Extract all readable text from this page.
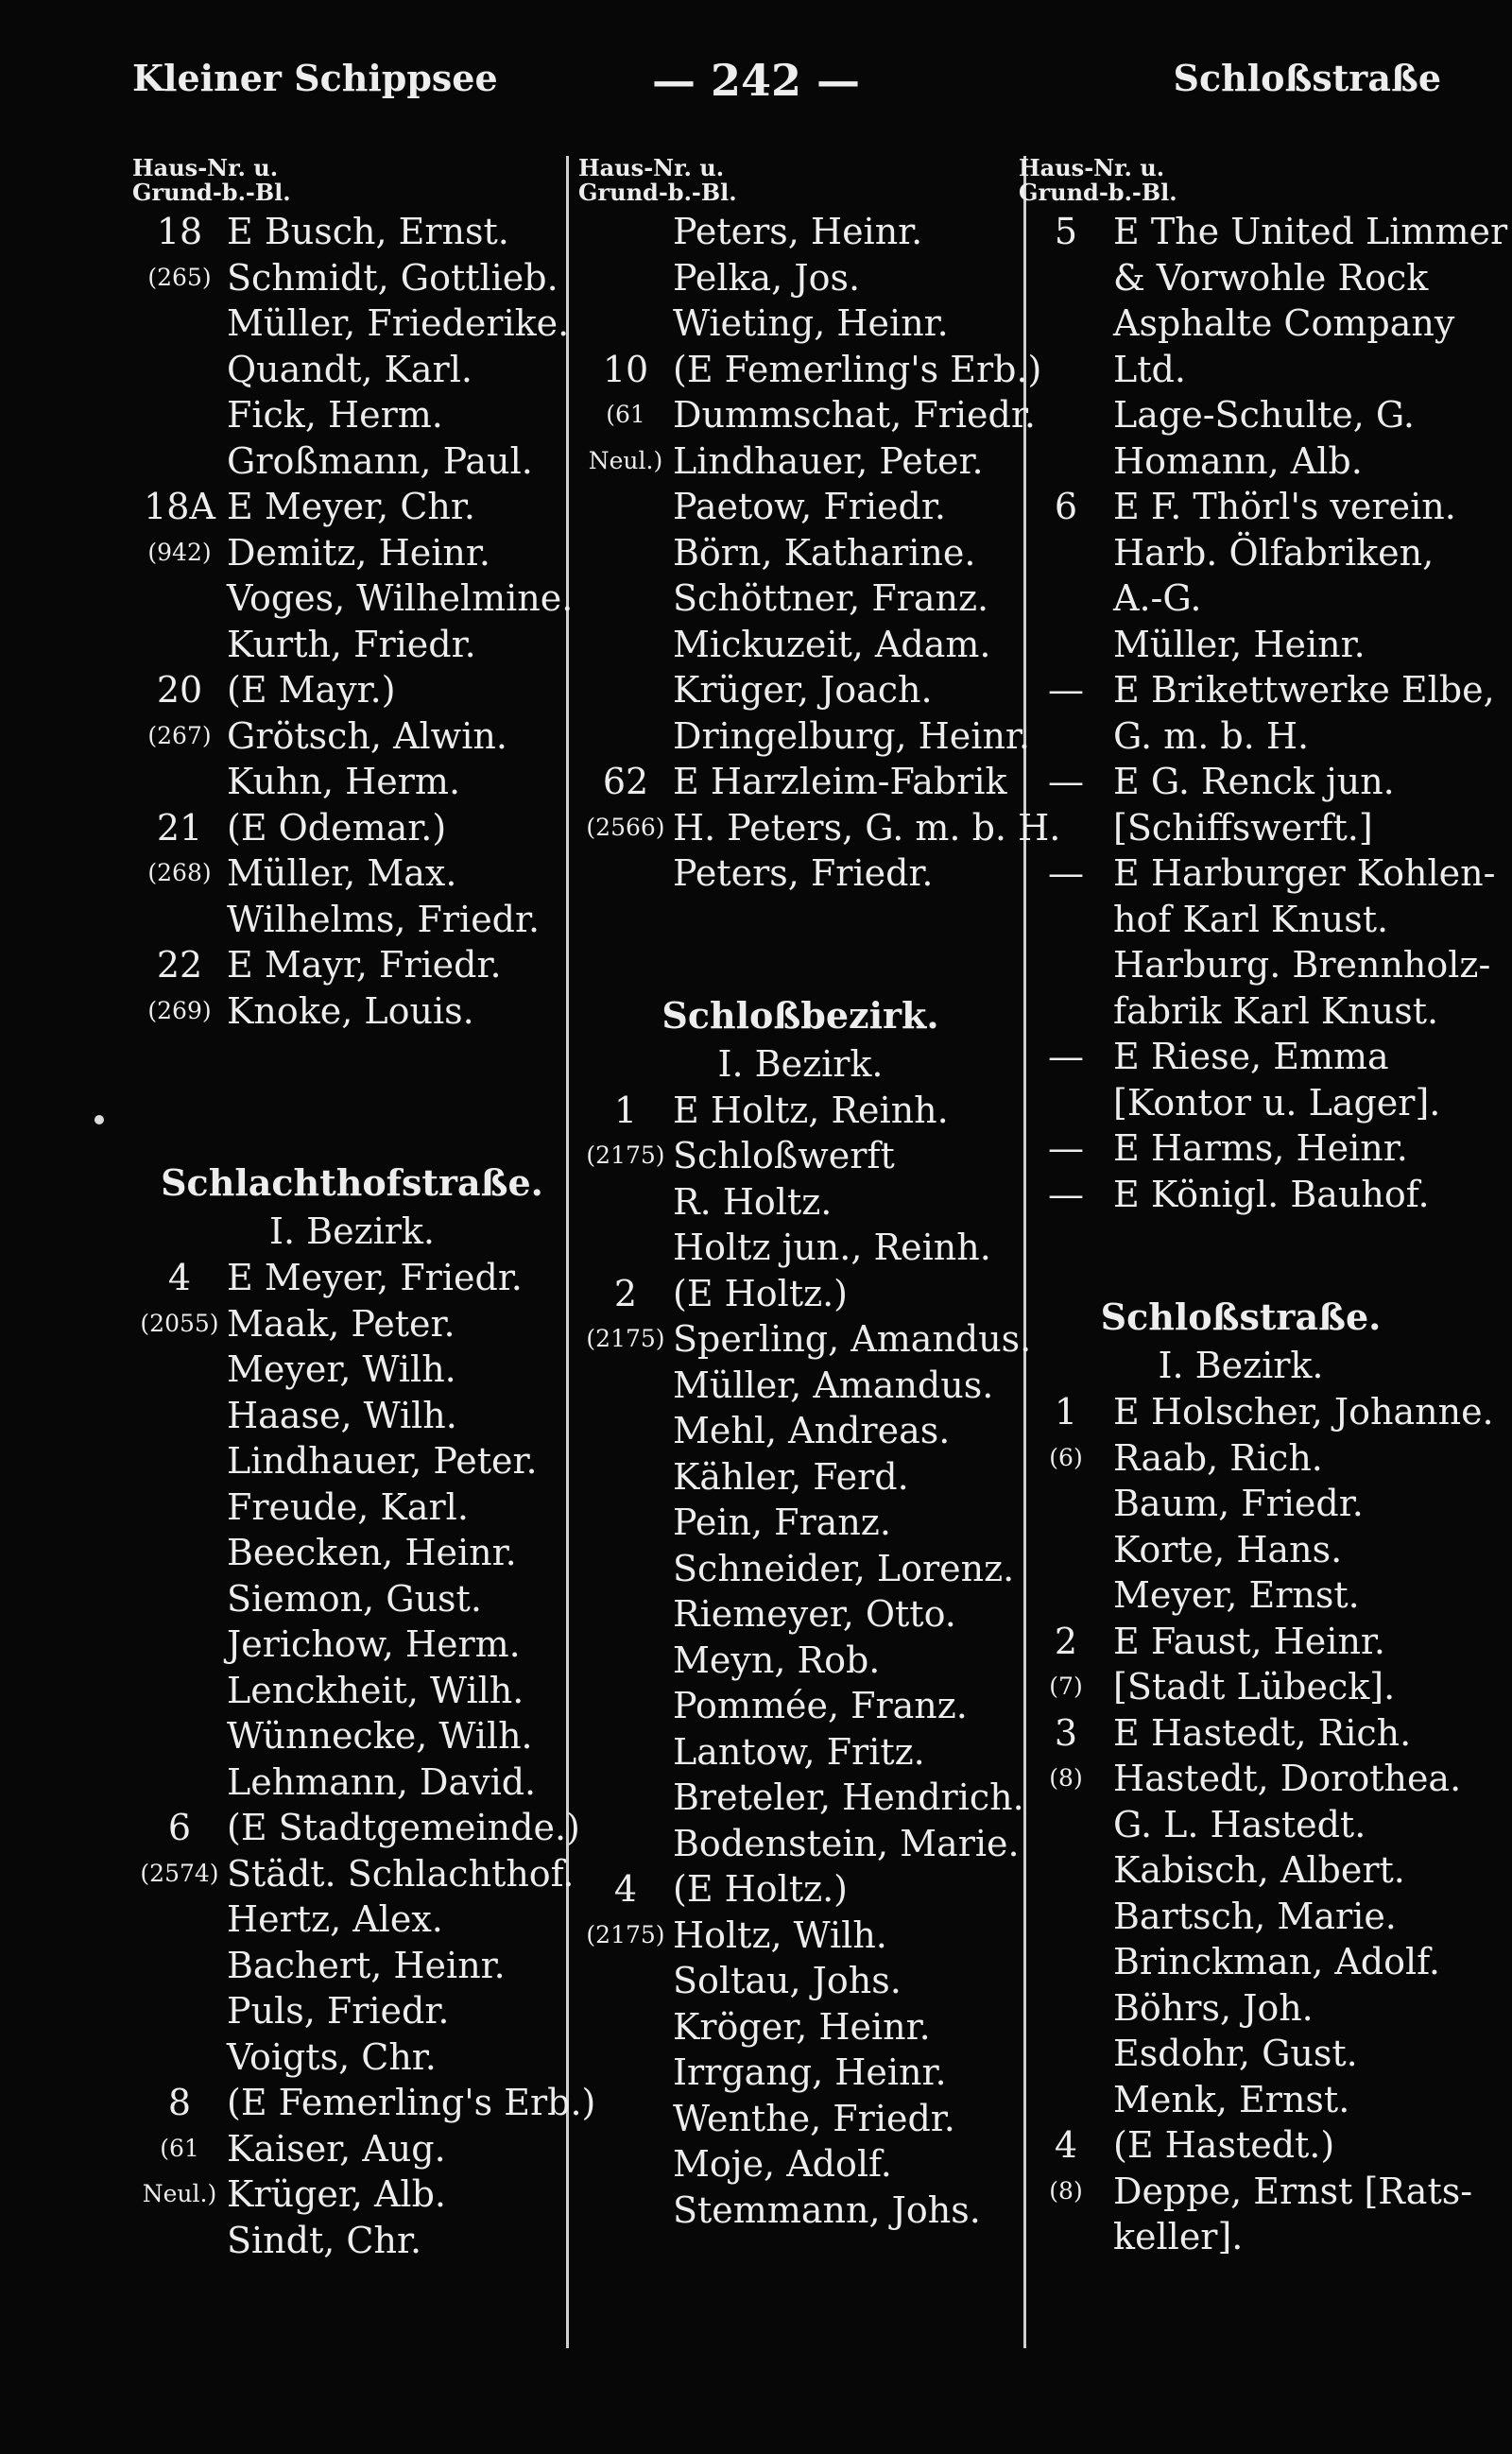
Kleiner Schippsee	— 242 —	Schloßstraße
Haus-Nr. u.
Grund-b.-Bl.
18 E Busch, Ernst.
(265) Schmidt, Gottlieb.
Müller, Friederike.
Quandt, Karl.
Fick, Herm.
Großmann, Paul.
18A E Meyer, Chr.
(942) Demitz, Heinr.
Voges, Wilhelmine.
Kurth, Friedr.
20 (E Mayr.)
(267) Grötsch, Alwin.
Kuhn, Herm.
21 (E Odemar.)
(268) Müller, Max.
Wilhelms, Friedr.
22 E Mayr, Friedr.
(269) Knoke, Louis.
Schlachthofstraße.
I. Bezirk.
4 E Meyer, Friedr.
(2055) Maak, Peter.
Meyer, Wilh.
Haase, Wilh.
Lindhauer, Peter.
Freude, Karl.
Beecken, Heinr.
Siemon, Gust.
Jerichow, Herm.
Lenckheit, Wilh.
Wünnecke, Wilh.
Lehmann, David.
6 (E Stadtgemeinde.)
(2574) Städt. Schlachthof.
Hertz, Alex.
Bachert, Heinr.
Puls, Friedr.
Voigts, Chr.
8 (E Femerling's Erb.)
(61 Kaiser, Aug.
Neul.) Krüger, Alb.
Sindt, Chr.
Haus-Nr. u.
Grund-b.-Bl.
Peters, Heinr.
Pelka, Jos.
Wieting, Heinr.
10 (E Femerling's Erb.)
(61 Dummschat, Friedr.
Neul.) Lindhauer, Peter.
Paetow, Friedr.
Börn, Katharine.
Schöttner, Franz.
Mickuzeit, Adam.
Krüger, Joach.
Dringelburg, Heinr.
62 E Harzleim-Fabrik
(2566) H. Peters, G. m. b. H.
Peters, Friedr.
Schloßbezirk.
I. Bezirk.
1 E Holtz, Reinh.
(2175) Schloßwerft
R. Holtz.
Holtz jun., Reinh.
2 (E Holtz.)
(2175) Sperling, Amandus.
Müller, Amandus.
Mehl, Andreas.
Kähler, Ferd.
Pein, Franz.
Schneider, Lorenz.
Riemeyer, Otto.
Meyn, Rob.
Pommée, Franz.
Lantow, Fritz.
Breteler, Hendrich.
Bodenstein, Marie.
4 (E Holtz.)
(2175) Holtz, Wilh.
Soltau, Johs.
Kröger, Heinr.
Irrgang, Heinr.
Wenthe, Friedr.
Moje, Adolf.
Stemmann, Johs.
Haus-Nr. u.
Grund-b.-Bl.
5 E The United Limmer
& Vorwohle Rock
Asphalte Company
Ltd.
Lage-Schulte, G.
Homann, Alb.
6 E F. Thörl's verein.
Harb. Ölfabriken,
A.-G.
Müller, Heinr.
— E Brikettwerke Elbe,
G. m. b. H.
— E G. Renck jun.
[Schiffswerft.]
— E Harburger Kohlen-
hof Karl Knust.
Harburg. Brennholz-
fabrik Karl Knust.
— E Riese, Emma
[Kontor u. Lager].
— E Harms, Heinr.
— E Königl. Bauhof.
Schloßstraße.
I. Bezirk.
1 E Holscher, Johanne.
(6) Raab, Rich.
Baum, Friedr.
Korte, Hans.
Meyer, Ernst.
2 E Faust, Heinr.
(7) [Stadt Lübeck].
3 E Hastedt, Rich.
(8) Hastedt, Dorothea.
G. L. Hastedt.
Kabisch, Albert.
Bartsch, Marie.
Brinckman, Adolf.
Böhrs, Joh.
Esdohr, Gust.
Menk, Ernst.
4 (E Hastedt.)
(8) Deppe, Ernst [Rats-
keller].
